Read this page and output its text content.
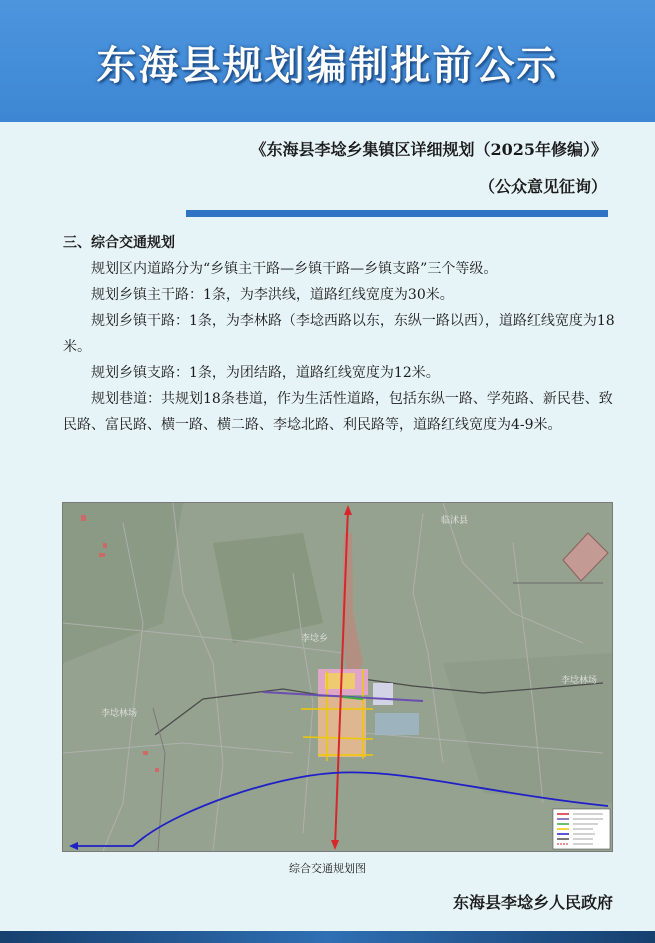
东海县规划编制批前公示
《东海县李埝乡集镇区详细规划（2025年修编）》
（公众意见征询）
三、综合交通规划

规划区内道路分为“乡镇主干路—乡镇干路—乡镇支路”三个等级。

规划乡镇主干路：1条，为李洪线，道路红线宽度为30米。

规划乡镇干路：1条，为李林路（李埝西路以东，东纵一路以西），道路红线宽度为18米。

规划乡镇支路：1条，为团结路，道路红线宽度为12米。

规划巷道：共规划18条巷道，作为生活性道路，包括东纵一路、学苑路、新民巷、致民路、富民路、横一路、横二路、李埝北路、利民路等，道路红线宽度为4-9米。

临沭县
李埝乡
李埝林场
李埝林场
综合交通规划图
东海县李埝乡人民政府
